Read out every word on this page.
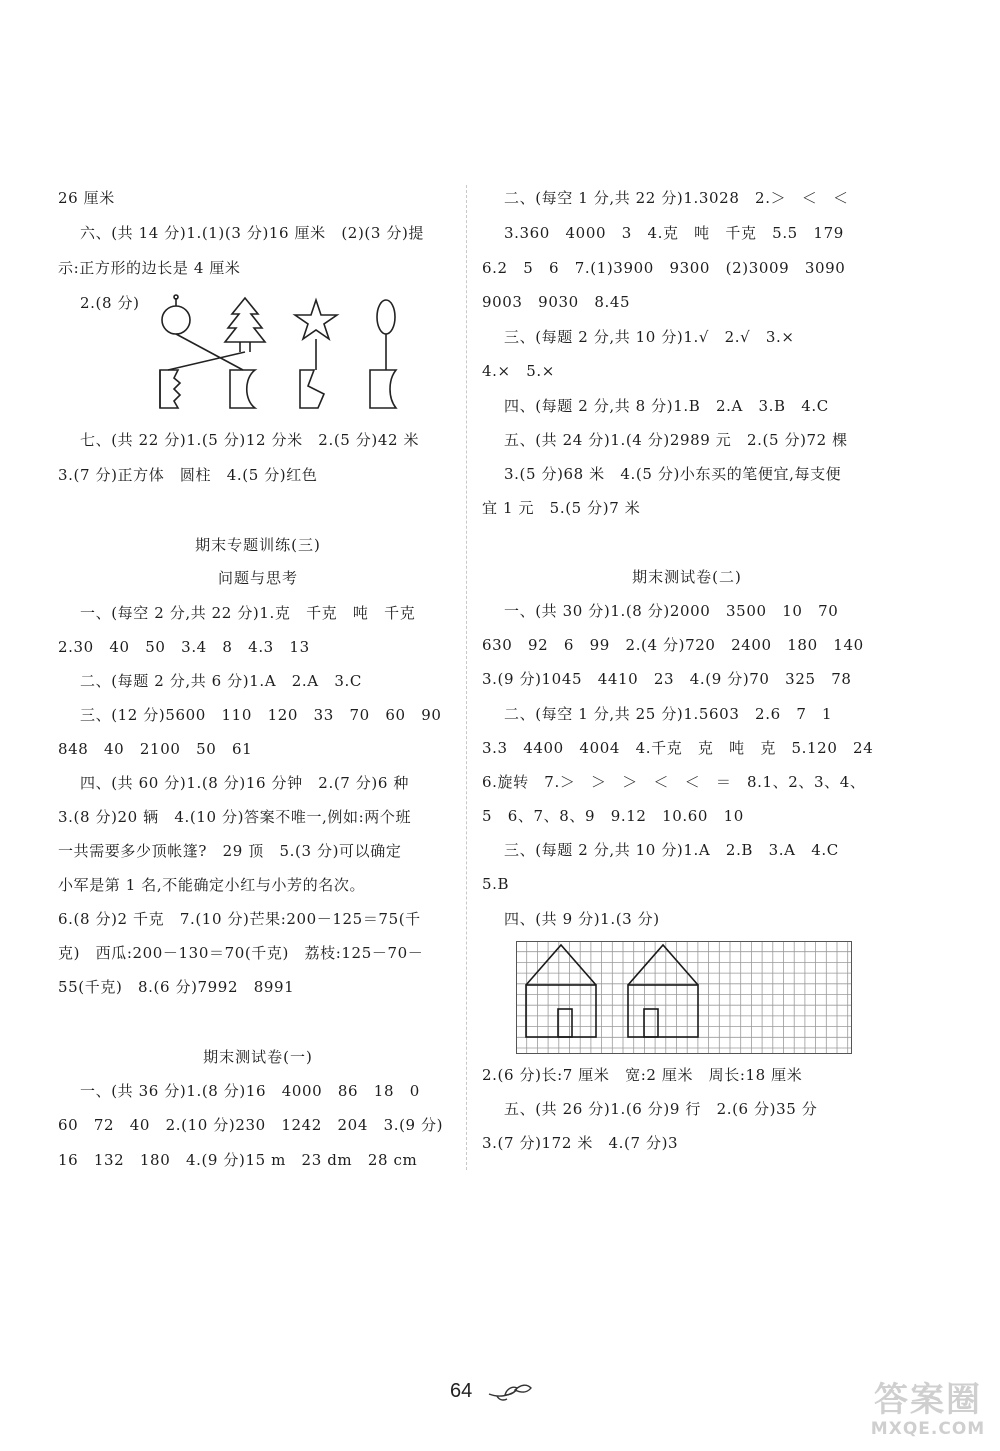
26 厘米
六、(共 14 分)1.(1)(3 分)16 厘米　(2)(3 分)提
示:正方形的边长是 4 厘米
2.(8 分)
七、(共 22 分)1.(5 分)12 分米　2.(5 分)42 米
3.(7 分)正方体　圆柱　4.(5 分)红色
期末专题训练(三)
问题与思考
一、(每空 2 分,共 22 分)1.克　千克　吨　千克
2.30　40　50　3.4　8　4.3　13
二、(每题 2 分,共 6 分)1.A　2.A　3.C
三、(12 分)5600　110　120　33　70　60　90
848　40　2100　50　61
四、(共 60 分)1.(8 分)16 分钟　2.(7 分)6 种
3.(8 分)20 辆　4.(10 分)答案不唯一,例如:两个班
一共需要多少顶帐篷?　29 顶　5.(3 分)可以确定
小军是第 1 名,不能确定小红与小芳的名次。
6.(8 分)2 千克　7.(10 分)芒果:200－125＝75(千
克)　西瓜:200－130＝70(千克)　荔枝:125－70－
55(千克)　8.(6 分)7992　8991
期末测试卷(一)
一、(共 36 分)1.(8 分)16　4000　86　18　0
60　72　40　2.(10 分)230　1242　204　3.(9 分)
16　132　180　4.(9 分)15 m　23 dm　28 cm
二、(每空 1 分,共 22 分)1.3028　2.＞　＜　＜
3.360　4000　3　4.克　吨　千克　5.5　179
6.2　5　6　7.(1)3900　9300　(2)3009　3090
9003　9030　8.45
三、(每题 2 分,共 10 分)1.√　2.√　3.×
4.×　5.×
四、(每题 2 分,共 8 分)1.B　2.A　3.B　4.C
五、(共 24 分)1.(4 分)2989 元　2.(5 分)72 棵
3.(5 分)68 米　4.(5 分)小东买的笔便宜,每支便
宜 1 元　5.(5 分)7 米
期末测试卷(二)
一、(共 30 分)1.(8 分)2000　3500　10　70
630　92　6　99　2.(4 分)720　2400　180　140
3.(9 分)1045　4410　23　4.(9 分)70　325　78
二、(每空 1 分,共 25 分)1.5603　2.6　7　1
3.3　4400　4004　4.千克　克　吨　克　5.120　24
6.旋转　7.＞　＞　＞　＜　＜　＝　8.1、2、3、4、
5　6、7、8、9　9.12　10.60　10
三、(每题 2 分,共 10 分)1.A　2.B　3.A　4.C
5.B
四、(共 9 分)1.(3 分)
2.(6 分)长:7 厘米　宽:2 厘米　周长:18 厘米
五、(共 26 分)1.(6 分)9 行　2.(6 分)35 分
3.(7 分)172 米　4.(7 分)3
64	答案圈
MXQE.COM
